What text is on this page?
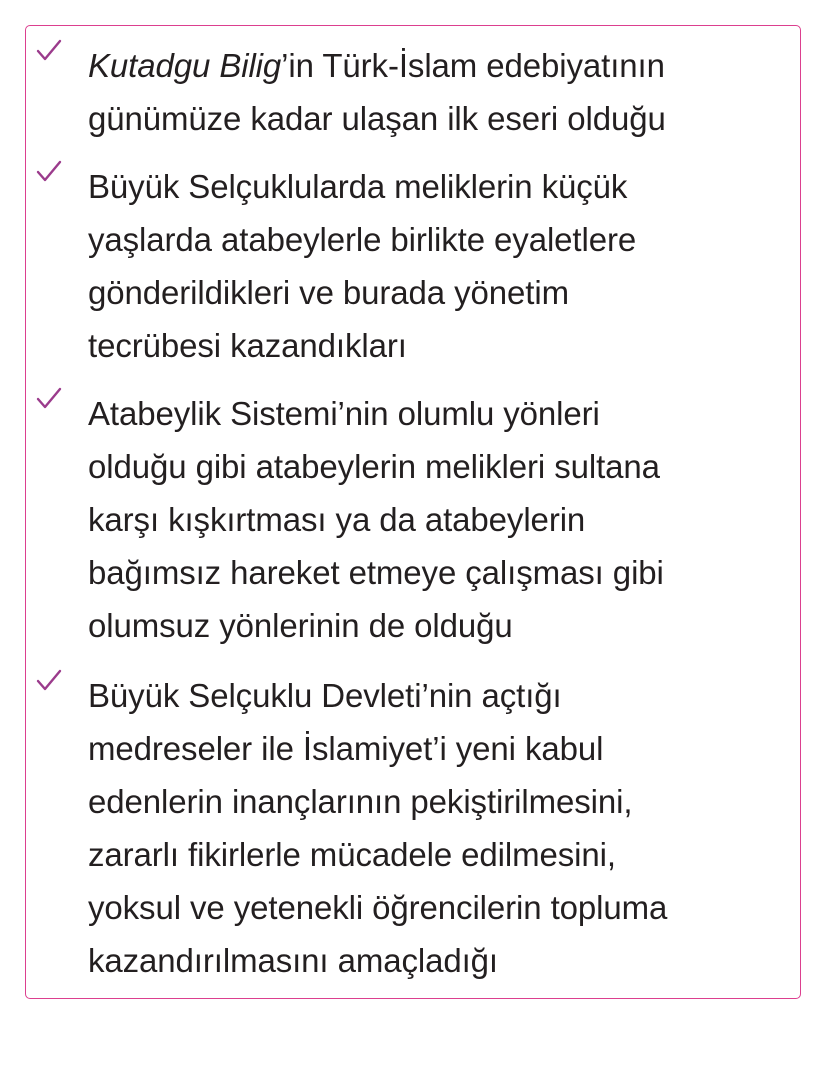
Kutadgu Bilig’in Türk-İslam edebiyatının
günümüze kadar ulaşan ilk eseri olduğu
Büyük Selçuklularda meliklerin küçük
yaşlarda atabeylerle birlikte eyaletlere
gönderildikleri ve burada yönetim
tecrübesi kazandıkları
Atabeylik Sistemi’nin olumlu yönleri
olduğu gibi atabeylerin melikleri sultana
karşı kışkırtması ya da atabeylerin
bağımsız hareket etmeye çalışması gibi
olumsuz yönlerinin de olduğu
Büyük Selçuklu Devleti’nin açtığı
medreseler ile İslamiyet’i yeni kabul
edenlerin inançlarının pekiştirilmesini,
zararlı fikirlerle mücadele edilmesini,
yoksul ve yetenekli öğrencilerin topluma
kazandırılmasını amaçladığı
